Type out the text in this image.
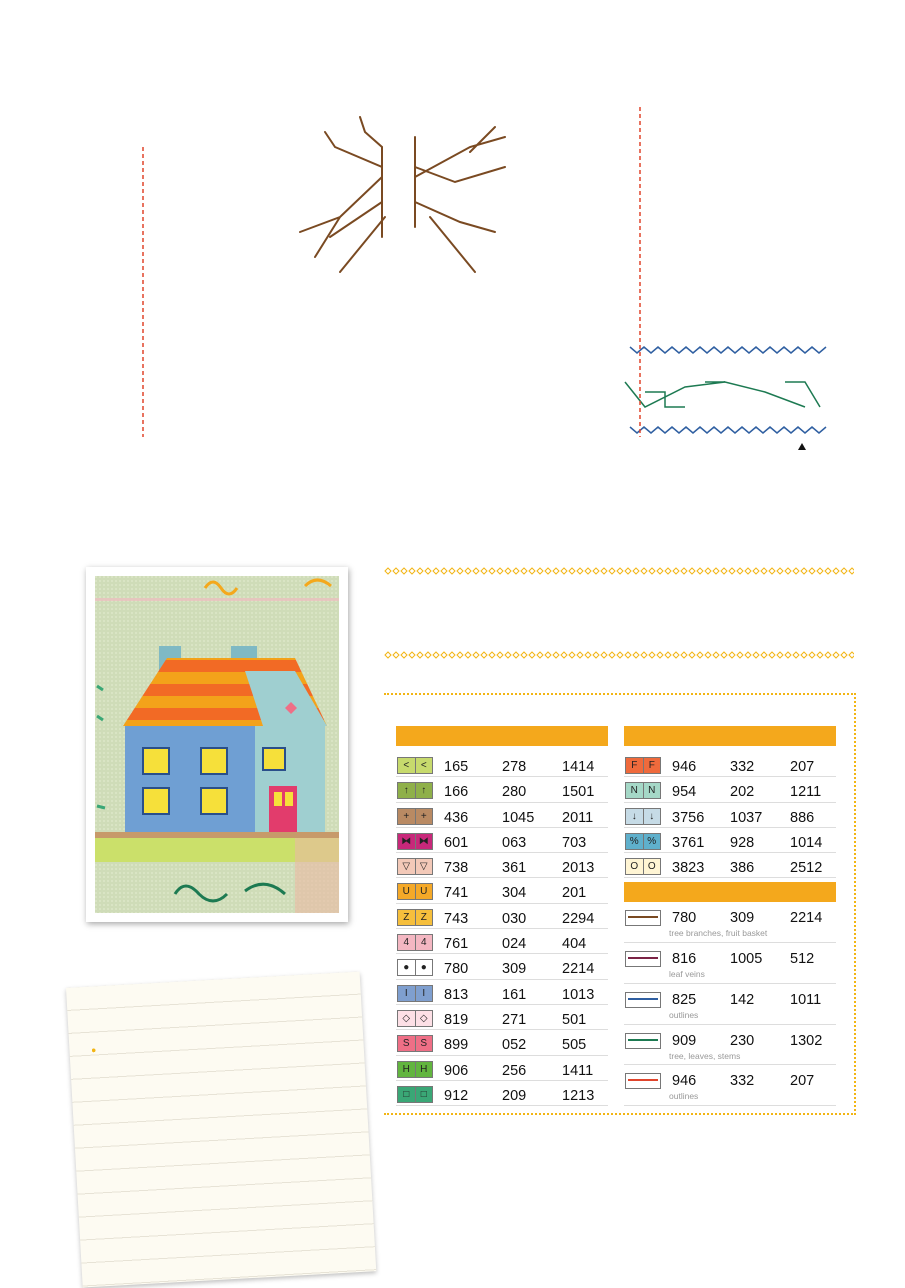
<	<	165 278 1414
↑	↑	166 280 1501
+	+	436 1045 2011
⧓ ⧓ 601 063 703
▽ ▽	738 361 2013
U	U	741 304 201
Z	Z	743 030 2294
4	4	761 024 404
●	●	780 309 2214
I	I	813 161 1013
◇ ◇	819 271 501
S	S	899 052 505
H	H	906 256 1411
□	□	912 209 1213
F	F	946 332 207
N	N	954 202 1211
↓	↓	3756 1037 886
% % 3761 928 1014
O O	3823 386 2512
780 309 2214
tree branches, fruit basket
816 1005 512
leaf veins
825 142 1011
outlines
909 230 1302
tree, leaves, stems
946 332 207
outlines
•
•
•
•
•
